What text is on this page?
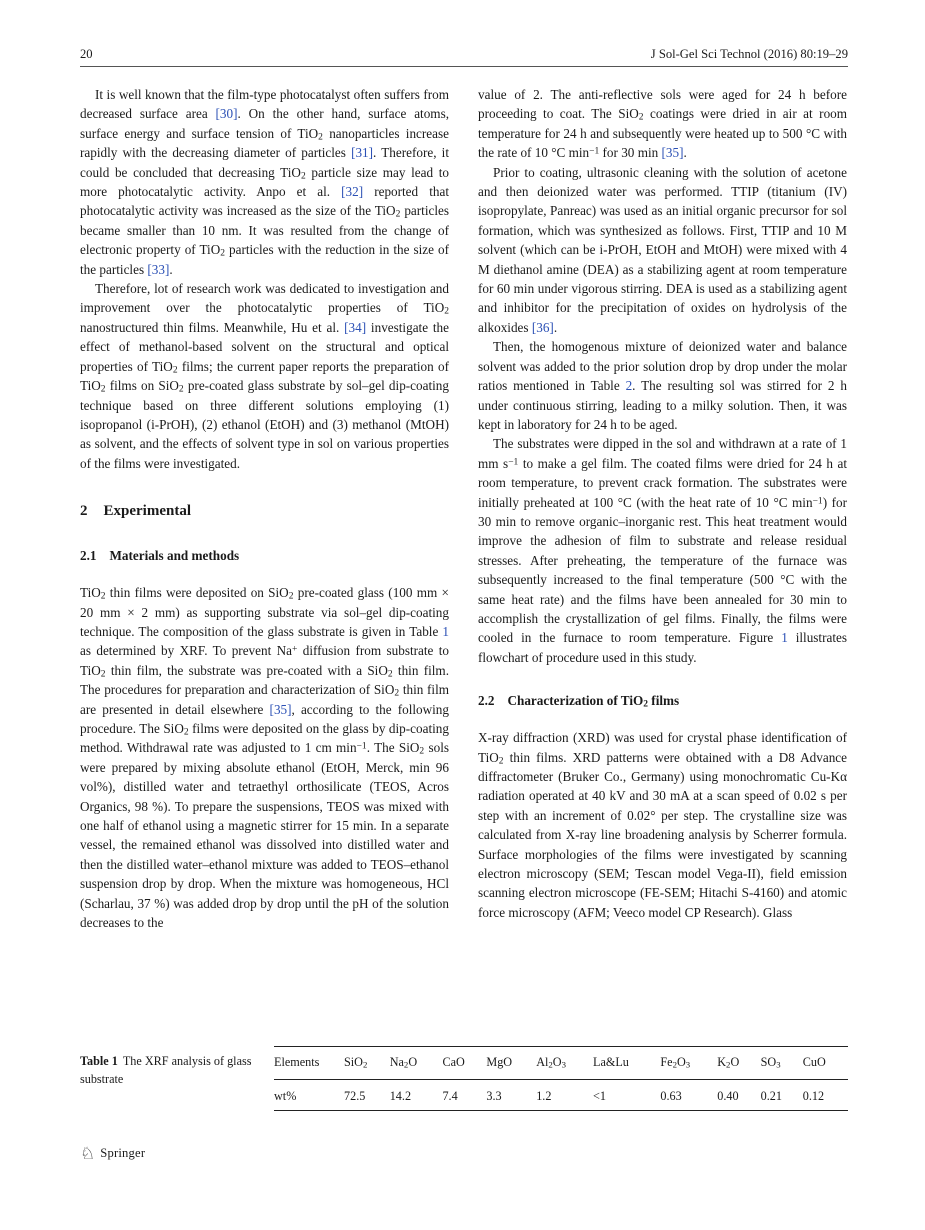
20	J Sol-Gel Sci Technol (2016) 80:19–29

It is well known that the film-type photocatalyst often suffers from decreased surface area [30]. On the other hand, surface atoms, surface energy and surface tension of TiO$_2$ nanoparticles increase rapidly with the decreasing diameter of particles [31]. Therefore, it could be concluded that decreasing TiO$_2$ particle size may lead to more photocatalytic activity. Anpo et al. [32] reported that photocatalytic activity was increased as the size of the TiO$_2$ particles became smaller than 10 nm. It was resulted from the change of electronic property of TiO$_2$ particles with the reduction in the size of the particles [33].

Therefore, lot of research work was dedicated to investigation and improvement over the photocatalytic properties of TiO$_2$ nanostructured thin films. Meanwhile, Hu et al. [34] investigate the effect of methanol-based solvent on the structural and optical properties of TiO$_2$ films; the current paper reports the preparation of TiO$_2$ films on SiO$_2$ pre-coated glass substrate by sol–gel dip-coating technique based on three different solutions employing (1) isopropanol (i-PrOH), (2) ethanol (EtOH) and (3) methanol (MtOH) as solvent, and the effects of solvent type in sol on various properties of the films were investigated.

2 Experimental
2.1 Materials and methods

TiO$_2$ thin films were deposited on SiO$_2$ pre-coated glass (100 mm × 20 mm × 2 mm) as supporting substrate via sol–gel dip-coating technique. The composition of the glass substrate is given in Table 1 as determined by XRF. To prevent Na+ diffusion from substrate to TiO$_2$ thin film, the substrate was pre-coated with a SiO$_2$ thin film. The procedures for preparation and characterization of SiO$_2$ thin film are presented in detail elsewhere [35], according to the following procedure. The SiO$_2$ films were deposited on the glass by dip-coating method. Withdrawal rate was adjusted to 1 cm $\min^{-1}$. The SiO$_2$ sols were prepared by mixing absolute ethanol (EtOH, Merck, min 96 vol%), distilled water and tetraethyl orthosilicate (TEOS, Acros Organics, 98 %). To prepare the suspensions, TEOS was mixed with one half of ethanol using a magnetic stirrer for 15 min. In a separate vessel, the remained ethanol was dissolved into distilled water and then the distilled water–ethanol mixture was added to TEOS–ethanol suspension drop by drop. When the mixture was homogeneous, HCl (Scharlau, 37 %) was added drop by drop until the pH of the solution decreases to the

value of 2. The anti-reflective sols were aged for 24 h before proceeding to coat. The SiO$_2$ coatings were dried in air at room temperature for 24 h and subsequently were heated up to 500 °C with the rate of 10 °C $\min^{-1}$ for 30 min [35].

Prior to coating, ultrasonic cleaning with the solution of acetone and then deionized water was performed. TTIP (titanium (IV) isopropylate, Panreac) was used as an initial organic precursor for sol formation, which was synthesized as follows. First, TTIP and 10 M solvent (which can be i-PrOH, EtOH and MtOH) were mixed with 4 M diethanol amine (DEA) as a stabilizing agent at room temperature for 60 min under vigorous stirring. DEA is used as a stabilizing agent and inhibitor for the precipitation of oxides on hydrolysis of the alkoxides [36].

Then, the homogenous mixture of deionized water and balance solvent was added to the prior solution drop by drop under the molar ratios mentioned in Table 2. The resulting sol was stirred for 2 h under continuous stirring, leading to a milky solution. Then, it was kept in laboratory for 24 h to be aged.

The substrates were dipped in the sol and withdrawn at a rate of 1 mm $s^{-1}$ to make a gel film. The coated films were dried for 24 h at room temperature, to prevent crack formation. The substrates were initially preheated at 100 °C (with the heat rate of 10 °C $\min^{-1}$) for 30 min to remove organic–inorganic rest. This heat treatment would improve the adhesion of film to substrate and release residual stresses. After preheating, the temperature of the furnace was subsequently increased to the final temperature (500 °C with the same heat rate) and the films have been annealed for 30 min to accomplish the crystallization of gel films. Finally, the films were cooled in the furnace to room temperature. Figure 1 illustrates flowchart of procedure used in this study.

2.2 Characterization of TiO$_2$ films

X-ray diffraction (XRD) was used for crystal phase identification of TiO$_2$ thin films. XRD patterns were obtained with a D8 Advance diffractometer (Bruker Co., Germany) using monochromatic Cu-Kα radiation operated at 40 kV and 30 mA at a scan speed of 0.02 s per step with an increment of 0.02° per step. The crystalline size was calculated from X-ray line broadening analysis by Scherrer formula. Surface morphologies of the films were investigated by scanning electron microscopy (SEM; Tescan model Vega-II), field emission scanning electron microscope (FE-SEM; Hitachi S-4160) and atomic force microscopy (AFM; Veeco model CP Research). Glass

Table 1 The XRF analysis of glass substrate
Elements	SiO$_2$	$Na_2O$	CaO	MgO	$Al_2O_3$	La&Lu	$Fe_2O_3$	$K_2O$	$SO_3$	CuO
wt%	72.5	14.2	7.4	3.3	1.2	<1	0.63	0.40	0.21	0.12
♘ Springer
